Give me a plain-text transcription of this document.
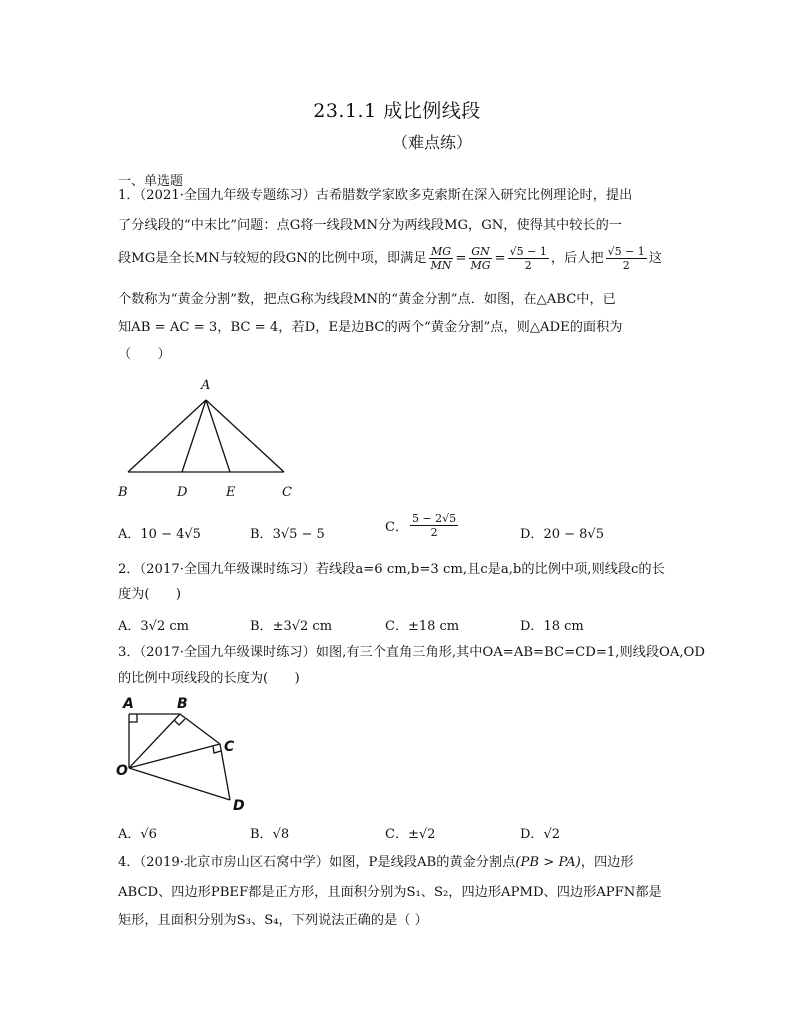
23.1.1 成比例线段
（难点练）
一、单选题
1．（2021·全国九年级专题练习）古希腊数学家欧多克索斯在深入研究比例理论时，提出
了分线段的“中末比”问题：点G将一线段MN分为两线段MG，GN，使得其中较长的一
段MG是全长MN与较短的段GN的比例中项，即满足 $\frac{MG}{MN} = \frac{GN}{MG} = \frac{√5 - 1}{2}$ ，后人把 $\frac{√5 - 1}{2}$ 这
个数称为“黄金分割”数，把点G称为线段MN的“黄金分割”点．如图，在△ABC中，已
知AB = AC = 3，BC = 4，若D，E是边BC的两个“黄金分割”点，则△ADE的面积为
（　　）
A
B	D	E	C
A．10 − 4√5	B．3√5 − 5	C． $\frac{5 - 2√5}{2}$	D．20 − 8√5
2．（2017·全国九年级课时练习）若线段a=6 cm,b=3 cm,且c是a,b的比例中项,则线段c的长
度为(　　)
A．3√2 cm	B．±3√2 cm	C．±18 cm	D．18 cm
3．（2017·全国九年级课时练习）如图,有三个直角三角形,其中OA=AB=BC=CD=1,则线段OA,OD
的比例中项线段的长度为(　　)
A	B
C
O
D
A．√6	B．√8	C．±√2	D．√2
4．（2019·北京市房山区石窝中学）如图，P是线段AB的黄金分割点(PB > PA)，四边形
ABCD、四边形PBEF都是正方形，且面积分别为S₁、S₂，四边形APMD、四边形APFN都是
矩形，且面积分别为S₃、S₄，下列说法正确的是（ ）
